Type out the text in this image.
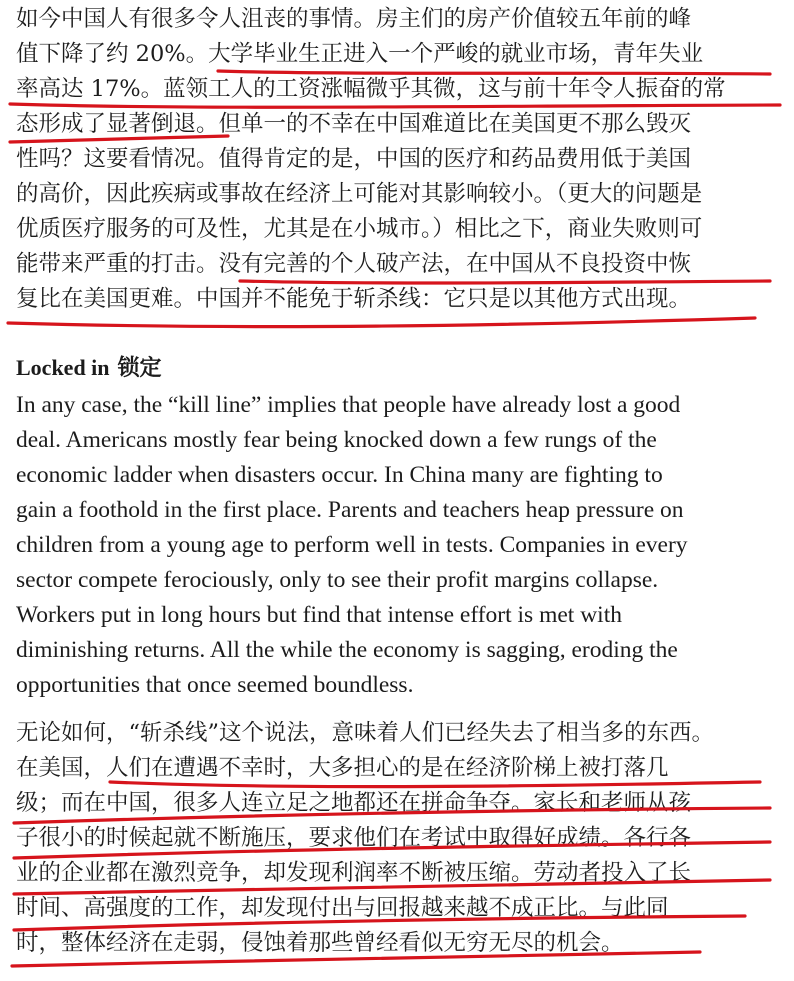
如今中国人有很多令人沮丧的事情。房主们的房产价值较五年前的峰
值下降了约 20%。大学毕业生正进入一个严峻的就业市场，青年失业
率高达 17%。蓝领工人的工资涨幅微乎其微，这与前十年令人振奋的常
态形成了显著倒退。但单一的不幸在中国难道比在美国更不那么毁灭
性吗？这要看情况。值得肯定的是，中国的医疗和药品费用低于美国
的高价，因此疾病或事故在经济上可能对其影响较小。（更大的问题是
优质医疗服务的可及性，尤其是在小城市。）相比之下，商业失败则可
能带来严重的打击。没有完善的个人破产法，在中国从不良投资中恢
复比在美国更难。中国并不能免于斩杀线：它只是以其他方式出现。
Locked in 锁定
In any case, the “kill line” implies that people have already lost a good
deal. Americans mostly fear being knocked down a few rungs of the
economic ladder when disasters occur. In China many are fighting to
gain a foothold in the first place. Parents and teachers heap pressure on
children from a young age to perform well in tests. Companies in every
sector compete ferociously, only to see their profit margins collapse.
Workers put in long hours but find that intense effort is met with
diminishing returns. All the while the economy is sagging, eroding the
opportunities that once seemed boundless.
无论如何，“斩杀线”这个说法，意味着人们已经失去了相当多的东西。
在美国，人们在遭遇不幸时，大多担心的是在经济阶梯上被打落几
级；而在中国，很多人连立足之地都还在拼命争夺。家长和老师从孩
子很小的时候起就不断施压，要求他们在考试中取得好成绩。各行各
业的企业都在激烈竞争，却发现利润率不断被压缩。劳动者投入了长
时间、高强度的工作，却发现付出与回报越来越不成正比。与此同
时，整体经济在走弱，侵蚀着那些曾经看似无穷无尽的机会。
